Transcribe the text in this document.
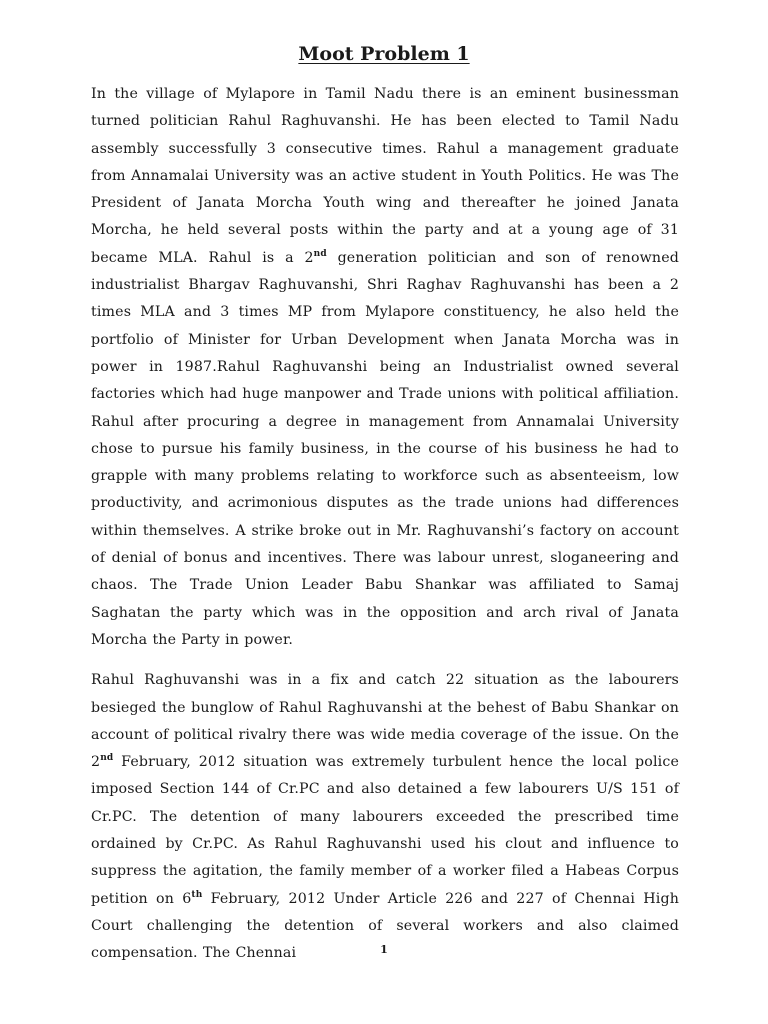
Moot Problem 1

In the village of Mylapore in Tamil Nadu there is an eminent businessman turned politician Rahul Raghuvanshi. He has been elected to Tamil Nadu assembly successfully 3 consecutive times. Rahul a management graduate from Annamalai University was an active student in Youth Politics. He was The President of Janata Morcha Youth wing and thereafter he joined Janata Morcha, he held several posts within the party and at a young age of 31 became MLA. Rahul is a 2nd generation politician and son of renowned industrialist Bhargav Raghuvanshi, Shri Raghav Raghuvanshi has been a 2 times MLA and 3 times MP from Mylapore constituency, he also held the portfolio of Minister for Urban Development when Janata Morcha was in power in 1987.Rahul Raghuvanshi being an Industrialist owned several factories which had huge manpower and Trade unions with political affiliation. Rahul after procuring a degree in management from Annamalai University chose to pursue his family business, in the course of his business he had to grapple with many problems relating to workforce such as absenteeism, low productivity, and acrimonious disputes as the trade unions had differences within themselves. A strike broke out in Mr. Raghuvanshi’s factory on account of denial of bonus and incentives. There was labour unrest, sloganeering and chaos. The Trade Union Leader Babu Shankar was affiliated to Samaj Saghatan the party which was in the opposition and arch rival of Janata Morcha the Party in power.

Rahul Raghuvanshi was in a fix and catch 22 situation as the labourers besieged the bunglow of Rahul Raghuvanshi at the behest of Babu Shankar on account of political rivalry there was wide media coverage of the issue. On the 2nd February, 2012 situation was extremely turbulent hence the local police imposed Section 144 of Cr.PC and also detained a few labourers U/S 151 of Cr.PC. The detention of many labourers exceeded the prescribed time ordained by Cr.PC. As Rahul Raghuvanshi used his clout and influence to suppress the agitation, the family member of a worker filed a Habeas Corpus petition on 6th February, 2012 Under Article 226 and 227 of Chennai High Court challenging the detention of several workers and also claimed compensation. The Chennai	1
